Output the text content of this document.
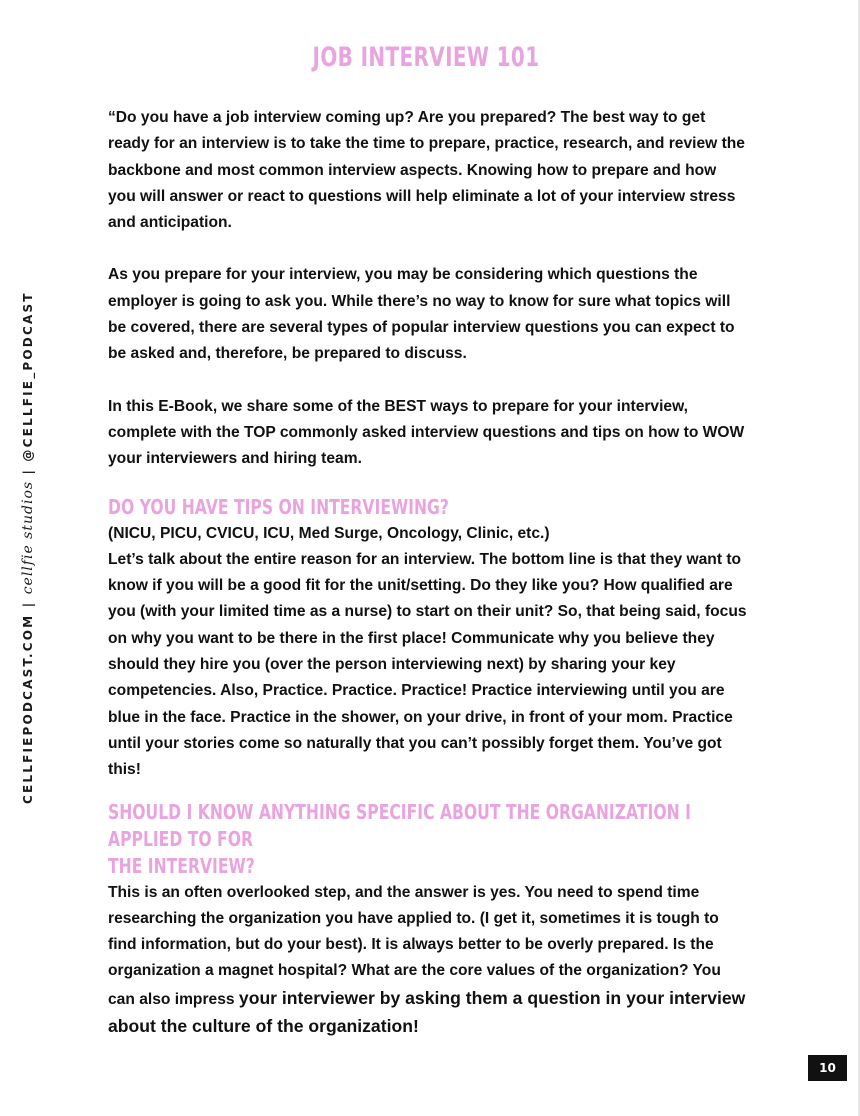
JOB INTERVIEW 101

“Do you have a job interview coming up? Are you prepared? The best way to get ready for an interview is to take the time to prepare, practice, research, and review the backbone and most common interview aspects. Knowing how to prepare and how you will answer or react to questions will help eliminate a lot of your interview stress and anticipation.

As you prepare for your interview, you may be considering which questions the employer is going to ask you. While there’s no way to know for sure what topics will be covered, there are several types of popular interview questions you can expect to be asked and, therefore, be prepared to discuss.

In this E-Book, we share some of the BEST ways to prepare for your interview, complete with the TOP commonly asked interview questions and tips on how to WOW your interviewers and hiring team.

DO YOU HAVE TIPS ON INTERVIEWING?

(NICU, PICU, CVICU, ICU, Med Surge, Oncology, Clinic, etc.)

Let’s talk about the entire reason for an interview. The bottom line is that they want to know if you will be a good fit for the unit/setting. Do they like you? How qualified are you (with your limited time as a nurse) to start on their unit? So, that being said, focus on why you want to be there in the first place! Communicate why you believe they should they hire you (over the person interviewing next) by sharing your key competencies. Also, Practice. Practice. Practice! Practice interviewing until you are blue in the face. Practice in the shower, on your drive, in front of your mom. Practice until your stories come so naturally that you can’t possibly forget them. You’ve got this!

SHOULD I KNOW ANYTHING SPECIFIC ABOUT THE ORGANIZATION I APPLIED TO FOR
THE INTERVIEW?

This is an often overlooked step, and the answer is yes. You need to spend time researching the organization you have applied to. (I get it, sometimes it is tough to find information, but do your best). It is always better to be overly prepared. Is the organization a magnet hospital? What are the core values of the organization? You can also impress your interviewer by asking them a question in your interview about the culture of the organization!

CELLFIEPODCAST.COM | cellfie studios | @CELLFIE_PODCAST
10
